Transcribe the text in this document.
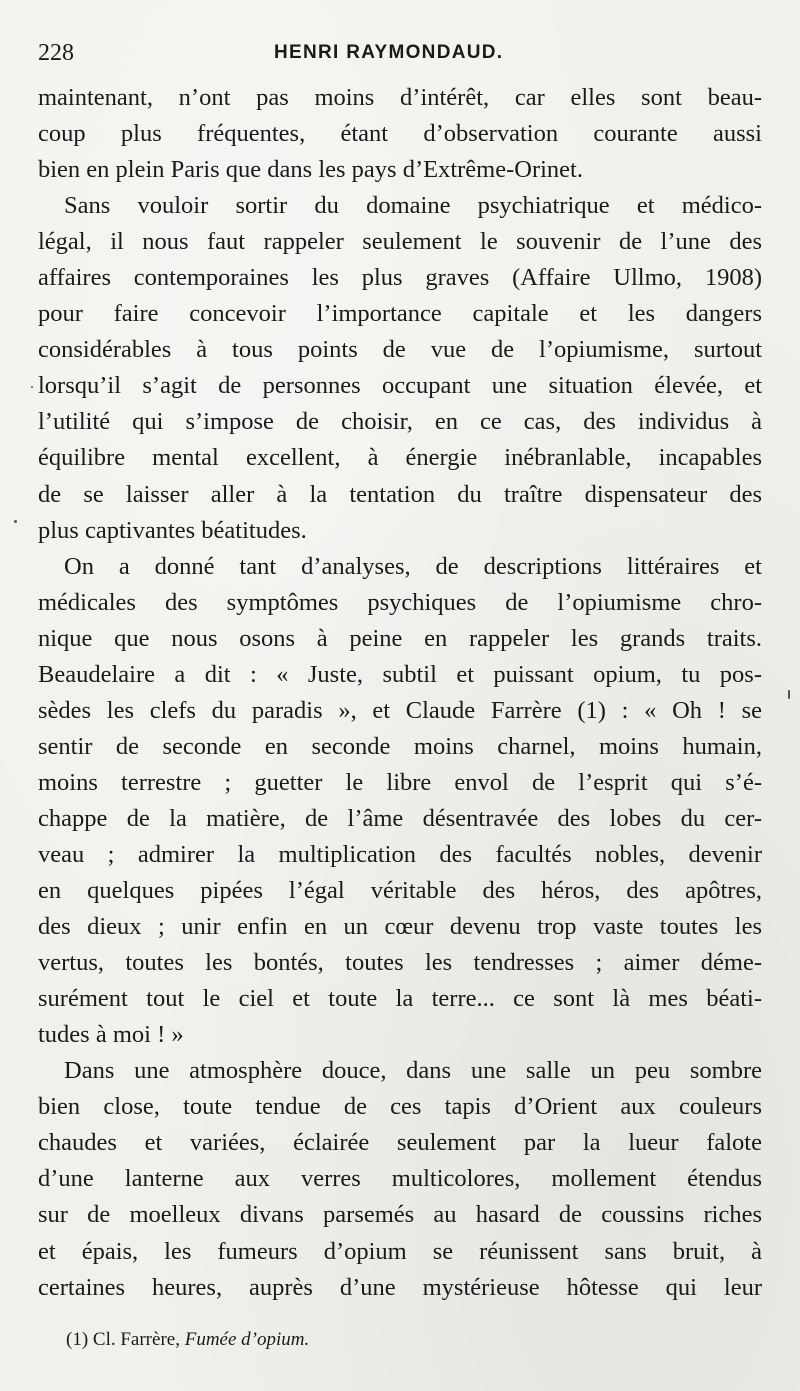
228	HENRI RAYMONDAUD.
maintenant, n’ont pas moins d’intérêt, car elles sont beau-
coup plus fréquentes, étant d’observation courante aussi
bien en plein Paris que dans les pays d’Extrême-Orinet.
Sans vouloir sortir du domaine psychiatrique et médico-
légal, il nous faut rappeler seulement le souvenir de l’une des
affaires contemporaines les plus graves (Affaire Ullmo, 1908)
pour faire concevoir l’importance capitale et les dangers
considérables à tous points de vue de l’opiumisme, surtout
lorsqu’il s’agit de personnes occupant une situation élevée, et
l’utilité qui s’impose de choisir, en ce cas, des individus à
équilibre mental excellent, à énergie inébranlable, incapables
de se laisser aller à la tentation du traître dispensateur des
plus captivantes béatitudes.
On a donné tant d’analyses, de descriptions littéraires et
médicales des symptômes psychiques de l’opiumisme chro-
nique que nous osons à peine en rappeler les grands traits.
Beaudelaire a dit : « Juste, subtil et puissant opium, tu pos-
sèdes les clefs du paradis », et Claude Farrère (1) : « Oh ! se
sentir de seconde en seconde moins charnel, moins humain,
moins terrestre ; guetter le libre envol de l’esprit qui s’é-
chappe de la matière, de l’âme désentravée des lobes du cer-
veau ; admirer la multiplication des facultés nobles, devenir
en quelques pipées l’égal véritable des héros, des apôtres,
des dieux ; unir enfin en un cœur devenu trop vaste toutes les
vertus, toutes les bontés, toutes les tendresses ; aimer déme-
surément tout le ciel et toute la terre... ce sont là mes béati-
tudes à moi ! »
Dans une atmosphère douce, dans une salle un peu sombre
bien close, toute tendue de ces tapis d’Orient aux couleurs
chaudes et variées, éclairée seulement par la lueur falote
d’une lanterne aux verres multicolores, mollement étendus
sur de moelleux divans parsemés au hasard de coussins riches
et épais, les fumeurs d’opium se réunissent sans bruit, à
certaines heures, auprès d’une mystérieuse hôtesse qui leur
(1) Cl. Farrère, Fumée d’opium.
